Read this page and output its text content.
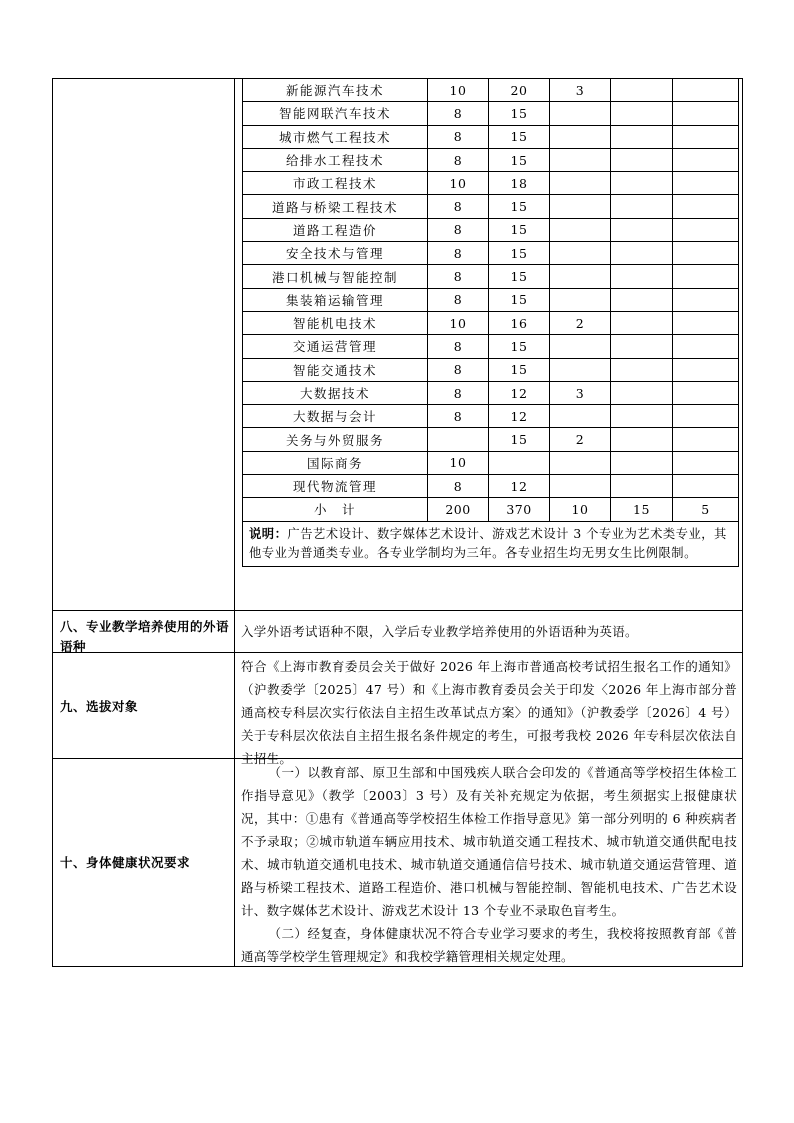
新能源汽车技术	10	20	3		
智能网联汽车技术	8	15			
城市燃气工程技术	8	15			
给排水工程技术	8	15			
市政工程技术	10	18			
道路与桥梁工程技术	8	15			
道路工程造价	8	15			
安全技术与管理	8	15			
港口机械与智能控制	8	15			
集装箱运输管理	8	15			
智能机电技术	10	16	2		
交通运营管理	8	15			
智能交通技术	8	15			
大数据技术	8	12	3		
大数据与会计	8	12			
关务与外贸服务		15	2		
国际商务	10				
现代物流管理	8	12			
小　计	200	370	10	15	5
说明：广告艺术设计、数字媒体艺术设计、游戏艺术设计 3 个专业为艺术类专业，其他专业为普通类专业。各专业学制均为三年。各专业招生均无男女生比例限制。					
八、专业教学培养使用的外语语种
入学外语考试语种不限，入学后专业教学培养使用的外语语种为英语。
九、选拔对象
符合《上海市教育委员会关于做好 2026 年上海市普通高校考试招生报名工作的通知》（沪教委学〔2025〕47 号）和《上海市教育委员会关于印发〈2026 年上海市部分普通高校专科层次实行依法自主招生改革试点方案〉的通知》（沪教委学〔2026〕4 号）关于专科层次依法自主招生报名条件规定的考生，可报考我校 2026 年专科层次依法自主招生。
十、身体健康状况要求

（一）以教育部、原卫生部和中国残疾人联合会印发的《普通高等学校招生体检工作指导意见》（教学〔2003〕3 号）及有关补充规定为依据，考生须据实上报健康状况，其中：①患有《普通高等学校招生体检工作指导意见》第一部分列明的 6 种疾病者不予录取；②城市轨道车辆应用技术、城市轨道交通工程技术、城市轨道交通供配电技术、城市轨道交通机电技术、城市轨道交通通信信号技术、城市轨道交通运营管理、道路与桥梁工程技术、道路工程造价、港口机械与智能控制、智能机电技术、广告艺术设计、数字媒体艺术设计、游戏艺术设计 13 个专业不录取色盲考生。

（二）经复查，身体健康状况不符合专业学习要求的考生，我校将按照教育部《普通高等学校学生管理规定》和我校学籍管理相关规定处理。
